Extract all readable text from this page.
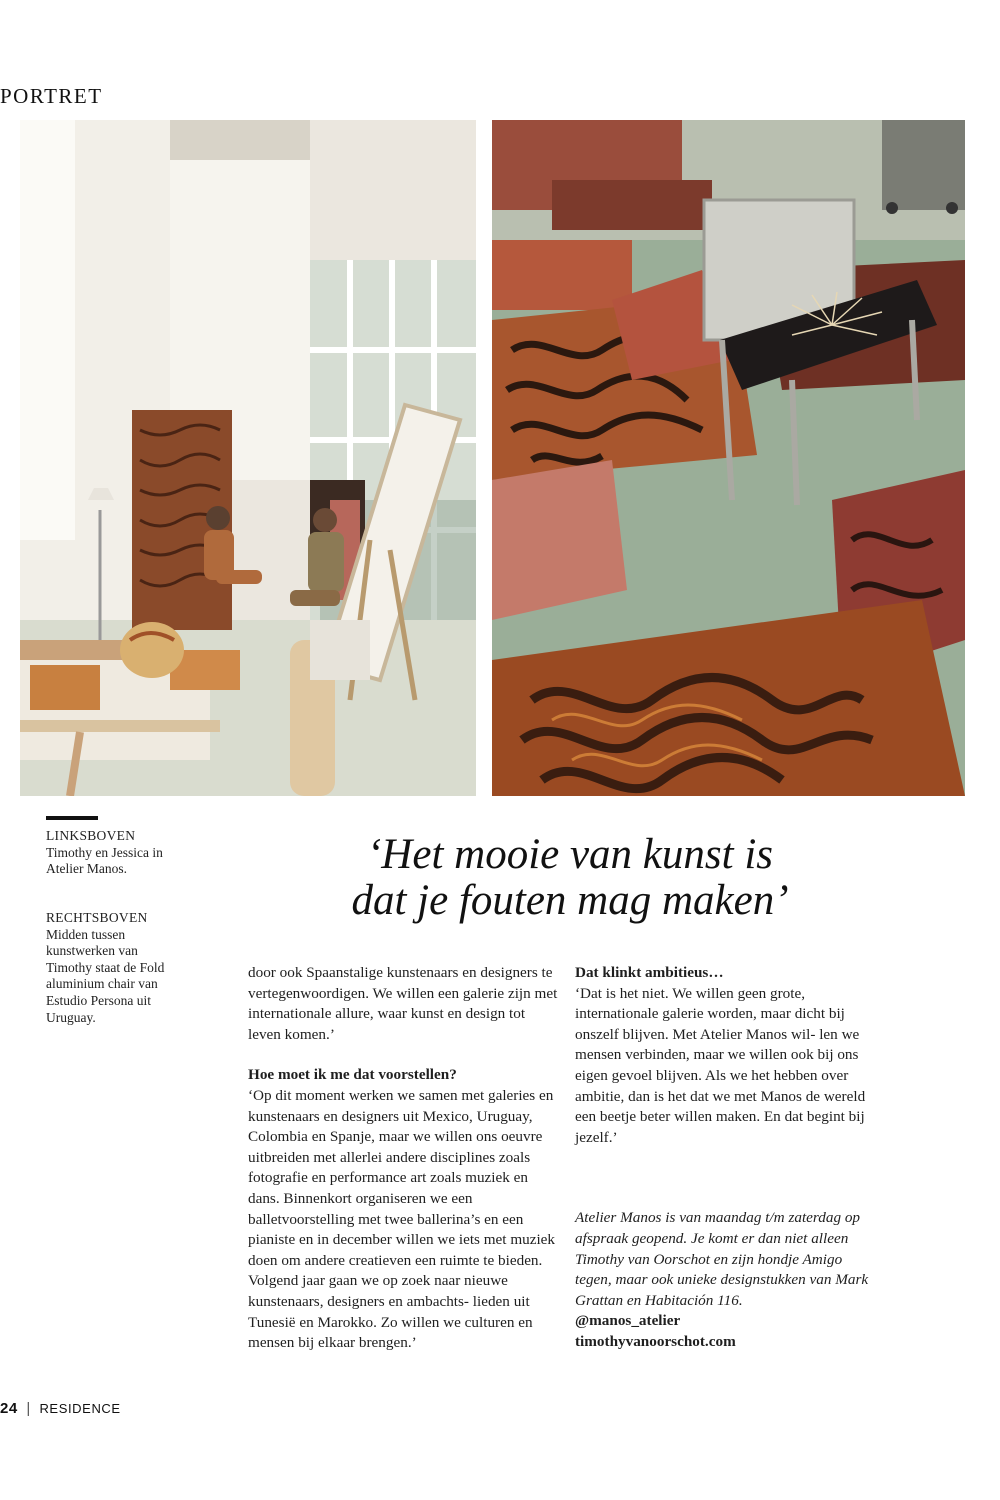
PORTRET
LINKSBOVEN
Timothy en Jessica in Atelier Manos.
RECHTSBOVEN
Midden tussen kunstwerken van Timothy staat de Fold aluminium chair van Estudio Persona uit Uruguay.
‘Het mooie van kunst is
dat je fouten mag maken’

door ook Spaanstalige kunstenaars en designers te vertegenwoordigen. We willen een galerie zijn met internationale allure, waar kunst en design tot leven komen.’

Hoe moet ik me dat voorstellen?

‘Op dit moment werken we samen met galeries en kunstenaars en designers uit Mexico, Uruguay, Colombia en Spanje, maar we willen ons oeuvre uitbreiden met allerlei andere disciplines zoals fotografie en performance art zoals muziek en dans. Binnenkort organiseren we een balletvoorstelling met twee ballerina’s en een pianiste en in december willen we iets met muziek doen om andere creatieven een ruimte te bieden. Volgend jaar gaan we op zoek naar nieuwe kunstenaars, designers en ambachts- lieden uit Tunesië en Marokko. Zo willen we culturen en mensen bij elkaar brengen.’

Dat klinkt ambitieus…

‘Dat is het niet. We willen geen grote, internationale galerie worden, maar dicht bij onszelf blijven. Met Atelier Manos wil- len we mensen verbinden, maar we willen ook bij ons eigen gevoel blijven. Als we het hebben over ambitie, dan is het dat we met Manos de wereld een beetje beter willen maken. En dat begint bij jezelf.’

Atelier Manos is van maandag t/m zaterdag op afspraak geopend. Je komt er dan niet alleen Timothy van Oorschot en zijn hondje Amigo tegen, maar ook unieke designstukken van Mark Grattan en Habitación 116.

@manos_atelier

timothyvanoorschot.com

24 | RESIDENCE
